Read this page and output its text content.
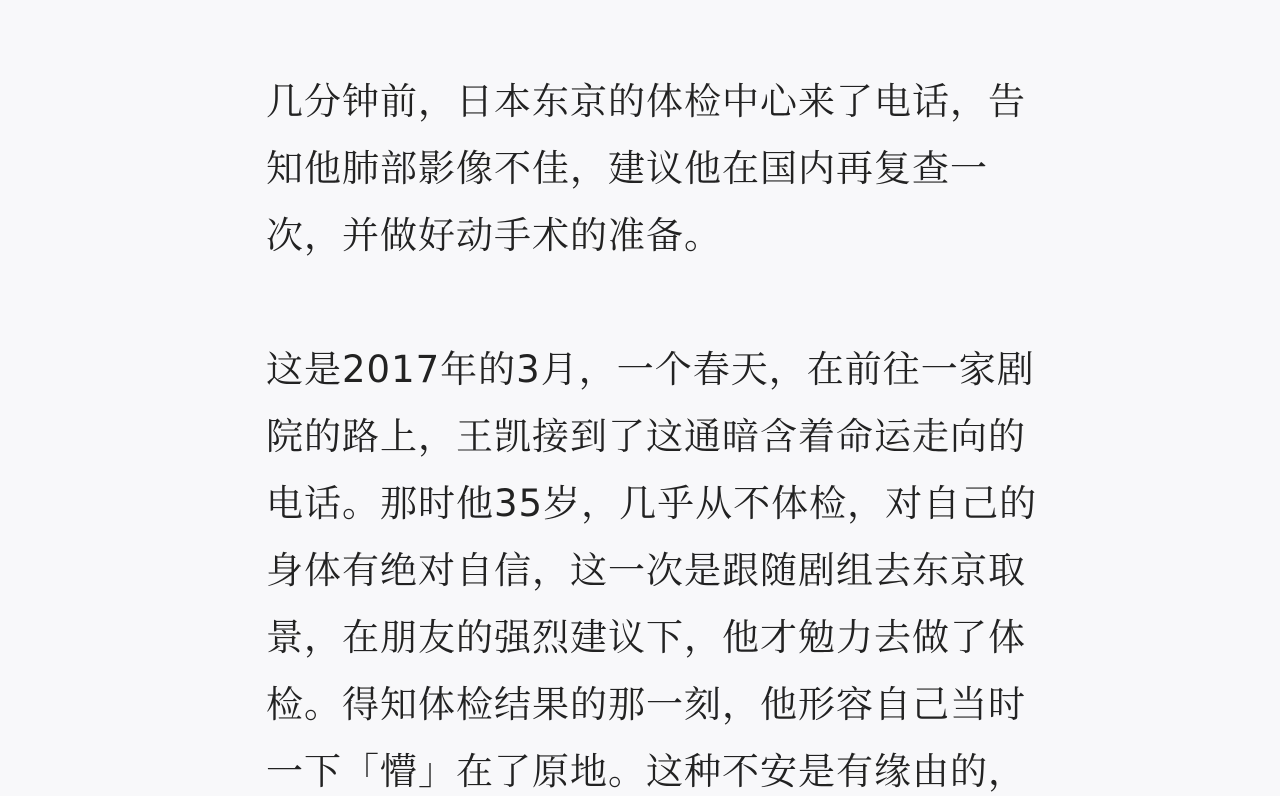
几分钟前，日本东京的体检中心来了电话，告
知他肺部影像不佳，建议他在国内再复查一
次，并做好动手术的准备。

这是2017年的3月，一个春天，在前往一家剧
院的路上，王凯接到了这通暗含着命运走向的
电话。那时他35岁，几乎从不体检，对自己的
身体有绝对自信，这一次是跟随剧组去东京取
景，在朋友的强烈建议下，他才勉力去做了体
检。得知体检结果的那一刻，他形容自己当时
一下「懵」在了原地。这种不安是有缘由的，
